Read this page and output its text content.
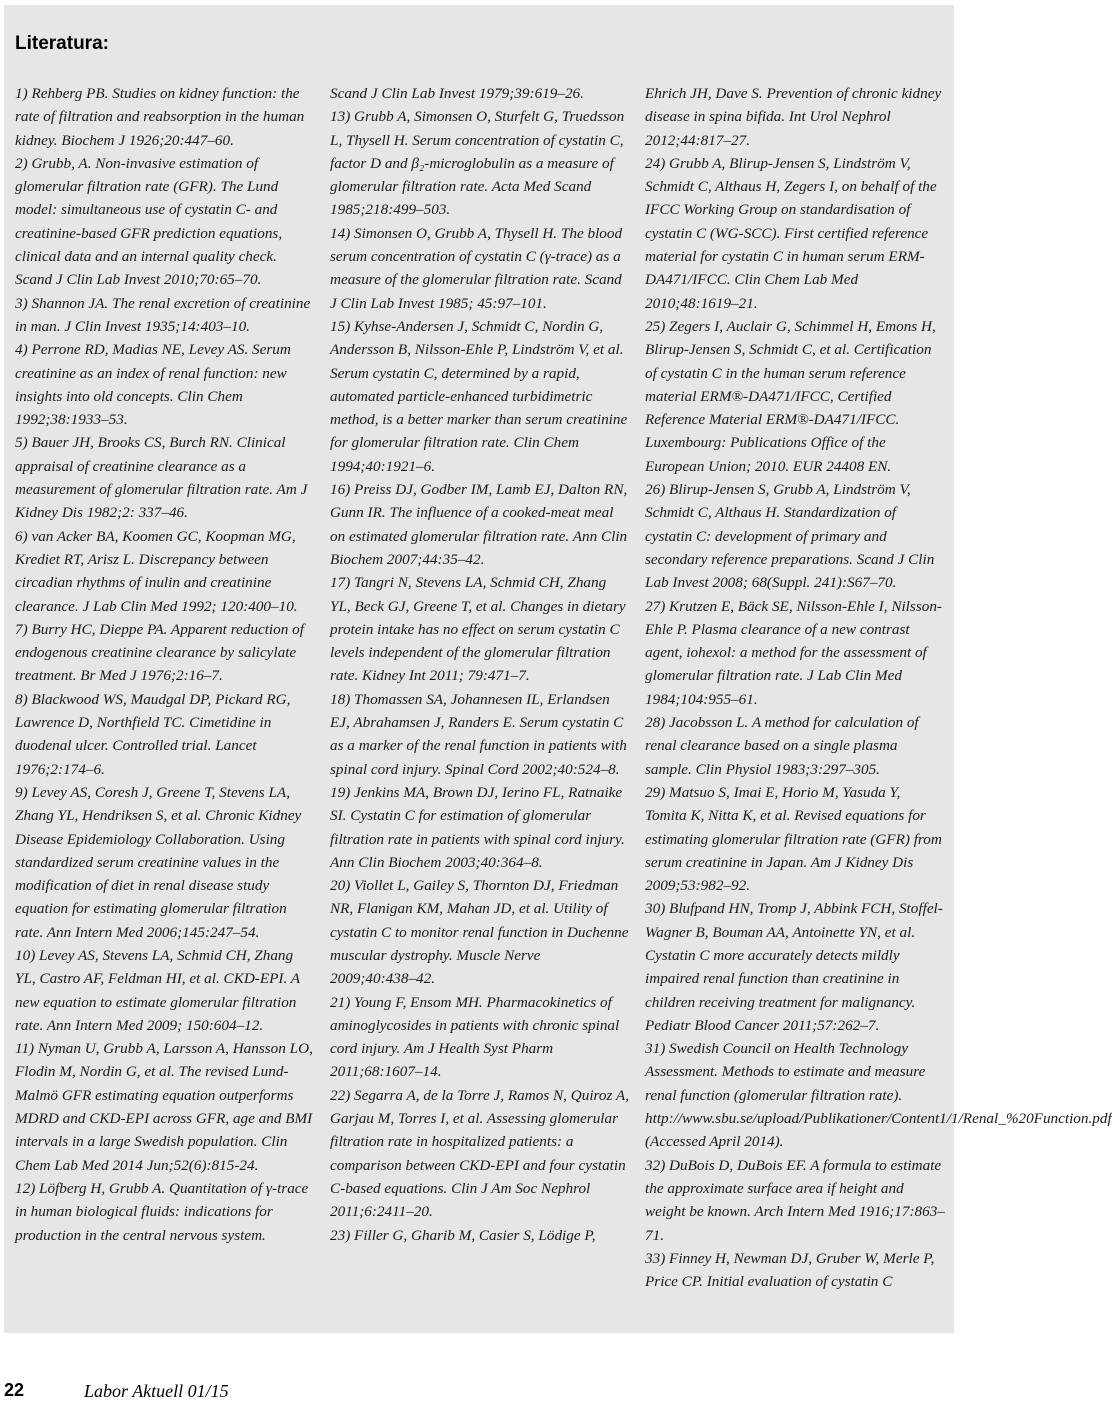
Literatura:

1) Rehberg PB. Studies on kidney function: the rate of filtration and reabsorption in the human kidney. Biochem J 1926;20:447–60.

2) Grubb, A. Non-invasive estimation of glomerular filtration rate (GFR). The Lund model: simultaneous use of cystatin C- and creatinine-based GFR prediction equations, clinical data and an internal quality check. Scand J Clin Lab Invest 2010;70:65–70.

3) Shannon JA. The renal excretion of creatinine in man. J Clin Invest 1935;14:403–10.

4) Perrone RD, Madias NE, Levey AS. Serum creatinine as an index of renal function: new insights into old concepts. Clin Chem 1992;38:1933–53.

5) Bauer JH, Brooks CS, Burch RN. Clinical appraisal of creatinine clearance as a measurement of glomerular filtration rate. Am J Kidney Dis 1982;2: 337–46.

6) van Acker BA, Koomen GC, Koopman MG, Krediet RT, Arisz L. Discrepancy between circadian rhythms of inulin and creatinine clearance. J Lab Clin Med 1992; 120:400–10.

7) Burry HC, Dieppe PA. Apparent reduction of endogenous creatinine clearance by salicylate treatment. Br Med J 1976;2:16–7.

8) Blackwood WS, Maudgal DP, Pickard RG, Lawrence D, Northfield TC. Cimetidine in duodenal ulcer. Controlled trial. Lancet 1976;2:174–6.

9) Levey AS, Coresh J, Greene T, Stevens LA, Zhang YL, Hendriksen S, et al. Chronic Kidney Disease Epidemiology Collaboration. Using standardized serum creatinine values in the modification of diet in renal disease study equation for estimating glomerular filtration rate. Ann Intern Med 2006;145:247–54.

10) Levey AS, Stevens LA, Schmid CH, Zhang YL, Castro AF, Feldman HI, et al. CKD-EPI. A new equation to estimate glomerular filtration rate. Ann Intern Med 2009; 150:604–12.

11) Nyman U, Grubb A, Larsson A, Hansson LO, Flodin M, Nordin G, et al. The revised Lund-Malmö GFR estimating equation outperforms MDRD and CKD-EPI across GFR, age and BMI intervals in a large Swedish population. Clin Chem Lab Med 2014 Jun;52(6):815-24.

12) Löfberg H, Grubb A. Quantitation of γ-trace in human biological fluids: indications for production in the central nervous system.

Scand J Clin Lab Invest 1979;39:619–26.

13) Grubb A, Simonsen O, Sturfelt G, Truedsson L, Thysell H. Serum concentration of cystatin C, factor D and β₂-microglobulin as a measure of glomerular filtration rate. Acta Med Scand 1985;218:499–503.

14) Simonsen O, Grubb A, Thysell H. The blood serum concentration of cystatin C (γ-trace) as a measure of the glomerular filtration rate. Scand J Clin Lab Invest 1985; 45:97–101.

15) Kyhse-Andersen J, Schmidt C, Nordin G, Andersson B, Nilsson-Ehle P, Lindström V, et al. Serum cystatin C, determined by a rapid, automated particle-enhanced turbidimetric method, is a better marker than serum creatinine for glomerular filtration rate. Clin Chem 1994;40:1921–6.

16) Preiss DJ, Godber IM, Lamb EJ, Dalton RN, Gunn IR. The influence of a cooked-meat meal on estimated glomerular filtration rate. Ann Clin Biochem 2007;44:35–42.

17) Tangri N, Stevens LA, Schmid CH, Zhang YL, Beck GJ, Greene T, et al. Changes in dietary protein intake has no effect on serum cystatin C levels independent of the glomerular filtration rate. Kidney Int 2011; 79:471–7.

18) Thomassen SA, Johannesen IL, Erlandsen EJ, Abrahamsen J, Randers E. Serum cystatin C as a marker of the renal function in patients with spinal cord injury. Spinal Cord 2002;40:524–8.

19) Jenkins MA, Brown DJ, Ierino FL, Ratnaike SI. Cystatin C for estimation of glomerular filtration rate in patients with spinal cord injury. Ann Clin Biochem 2003;40:364–8.

20) Viollet L, Gailey S, Thornton DJ, Friedman NR, Flanigan KM, Mahan JD, et al. Utility of cystatin C to monitor renal function in Duchenne muscular dystrophy. Muscle Nerve 2009;40:438–42.

21) Young F, Ensom MH. Pharmacokinetics of aminoglycosides in patients with chronic spinal cord injury. Am J Health Syst Pharm 2011;68:1607–14.

22) Segarra A, de la Torre J, Ramos N, Quiroz A, Garjau M, Torres I, et al. Assessing glomerular filtration rate in hospitalized patients: a comparison between CKD-EPI and four cystatin C-based equations. Clin J Am Soc Nephrol 2011;6:2411–20.

23) Filler G, Gharib M, Casier S, Lödige P,

Ehrich JH, Dave S. Prevention of chronic kidney disease in spina bifida. Int Urol Nephrol 2012;44:817–27.

24) Grubb A, Blirup-Jensen S, Lindström V, Schmidt C, Althaus H, Zegers I, on behalf of the IFCC Working Group on standardisation of cystatin C (WG-SCC). First certified reference material for cystatin C in human serum ERM-DA471/IFCC. Clin Chem Lab Med 2010;48:1619–21.

25) Zegers I, Auclair G, Schimmel H, Emons H, Blirup-Jensen S, Schmidt C, et al. Certification of cystatin C in the human serum reference material ERM®-DA471/IFCC, Certified Reference Material ERM®-DA471/IFCC. Luxembourg: Publications Office of the European Union; 2010. EUR 24408 EN.

26) Blirup-Jensen S, Grubb A, Lindström V, Schmidt C, Althaus H. Standardization of cystatin C: development of primary and secondary reference preparations. Scand J Clin Lab Invest 2008; 68(Suppl. 241):S67–70.

27) Krutzen E, Bäck SE, Nilsson-Ehle I, Nilsson-Ehle P. Plasma clearance of a new contrast agent, iohexol: a method for the assessment of glomerular filtration rate. J Lab Clin Med 1984;104:955–61.

28) Jacobsson L. A method for calculation of renal clearance based on a single plasma sample. Clin Physiol 1983;3:297–305.

29) Matsuo S, Imai E, Horio M, Yasuda Y, Tomita K, Nitta K, et al. Revised equations for estimating glomerular filtration rate (GFR) from serum creatinine in Japan. Am J Kidney Dis 2009;53:982–92.

30) Blufpand HN, Tromp J, Abbink FCH, Stoffel-Wagner B, Bouman AA, Antoinette YN, et al. Cystatin C more accurately detects mildly impaired renal function than creatinine in children receiving treatment for malignancy. Pediatr Blood Cancer 2011;57:262–7.

31) Swedish Council on Health Technology Assessment. Methods to estimate and measure renal function (glomerular filtration rate). http://www.sbu.se/upload/Publikationer/Content1/1/Renal_%20Function.pdf (Accessed April 2014).

32) DuBois D, DuBois EF. A formula to estimate the approximate surface area if height and weight be known. Arch Intern Med 1916;17:863–71.

33) Finney H, Newman DJ, Gruber W, Merle P, Price CP. Initial evaluation of cystatin C

22	Labor Aktuell 01/15
